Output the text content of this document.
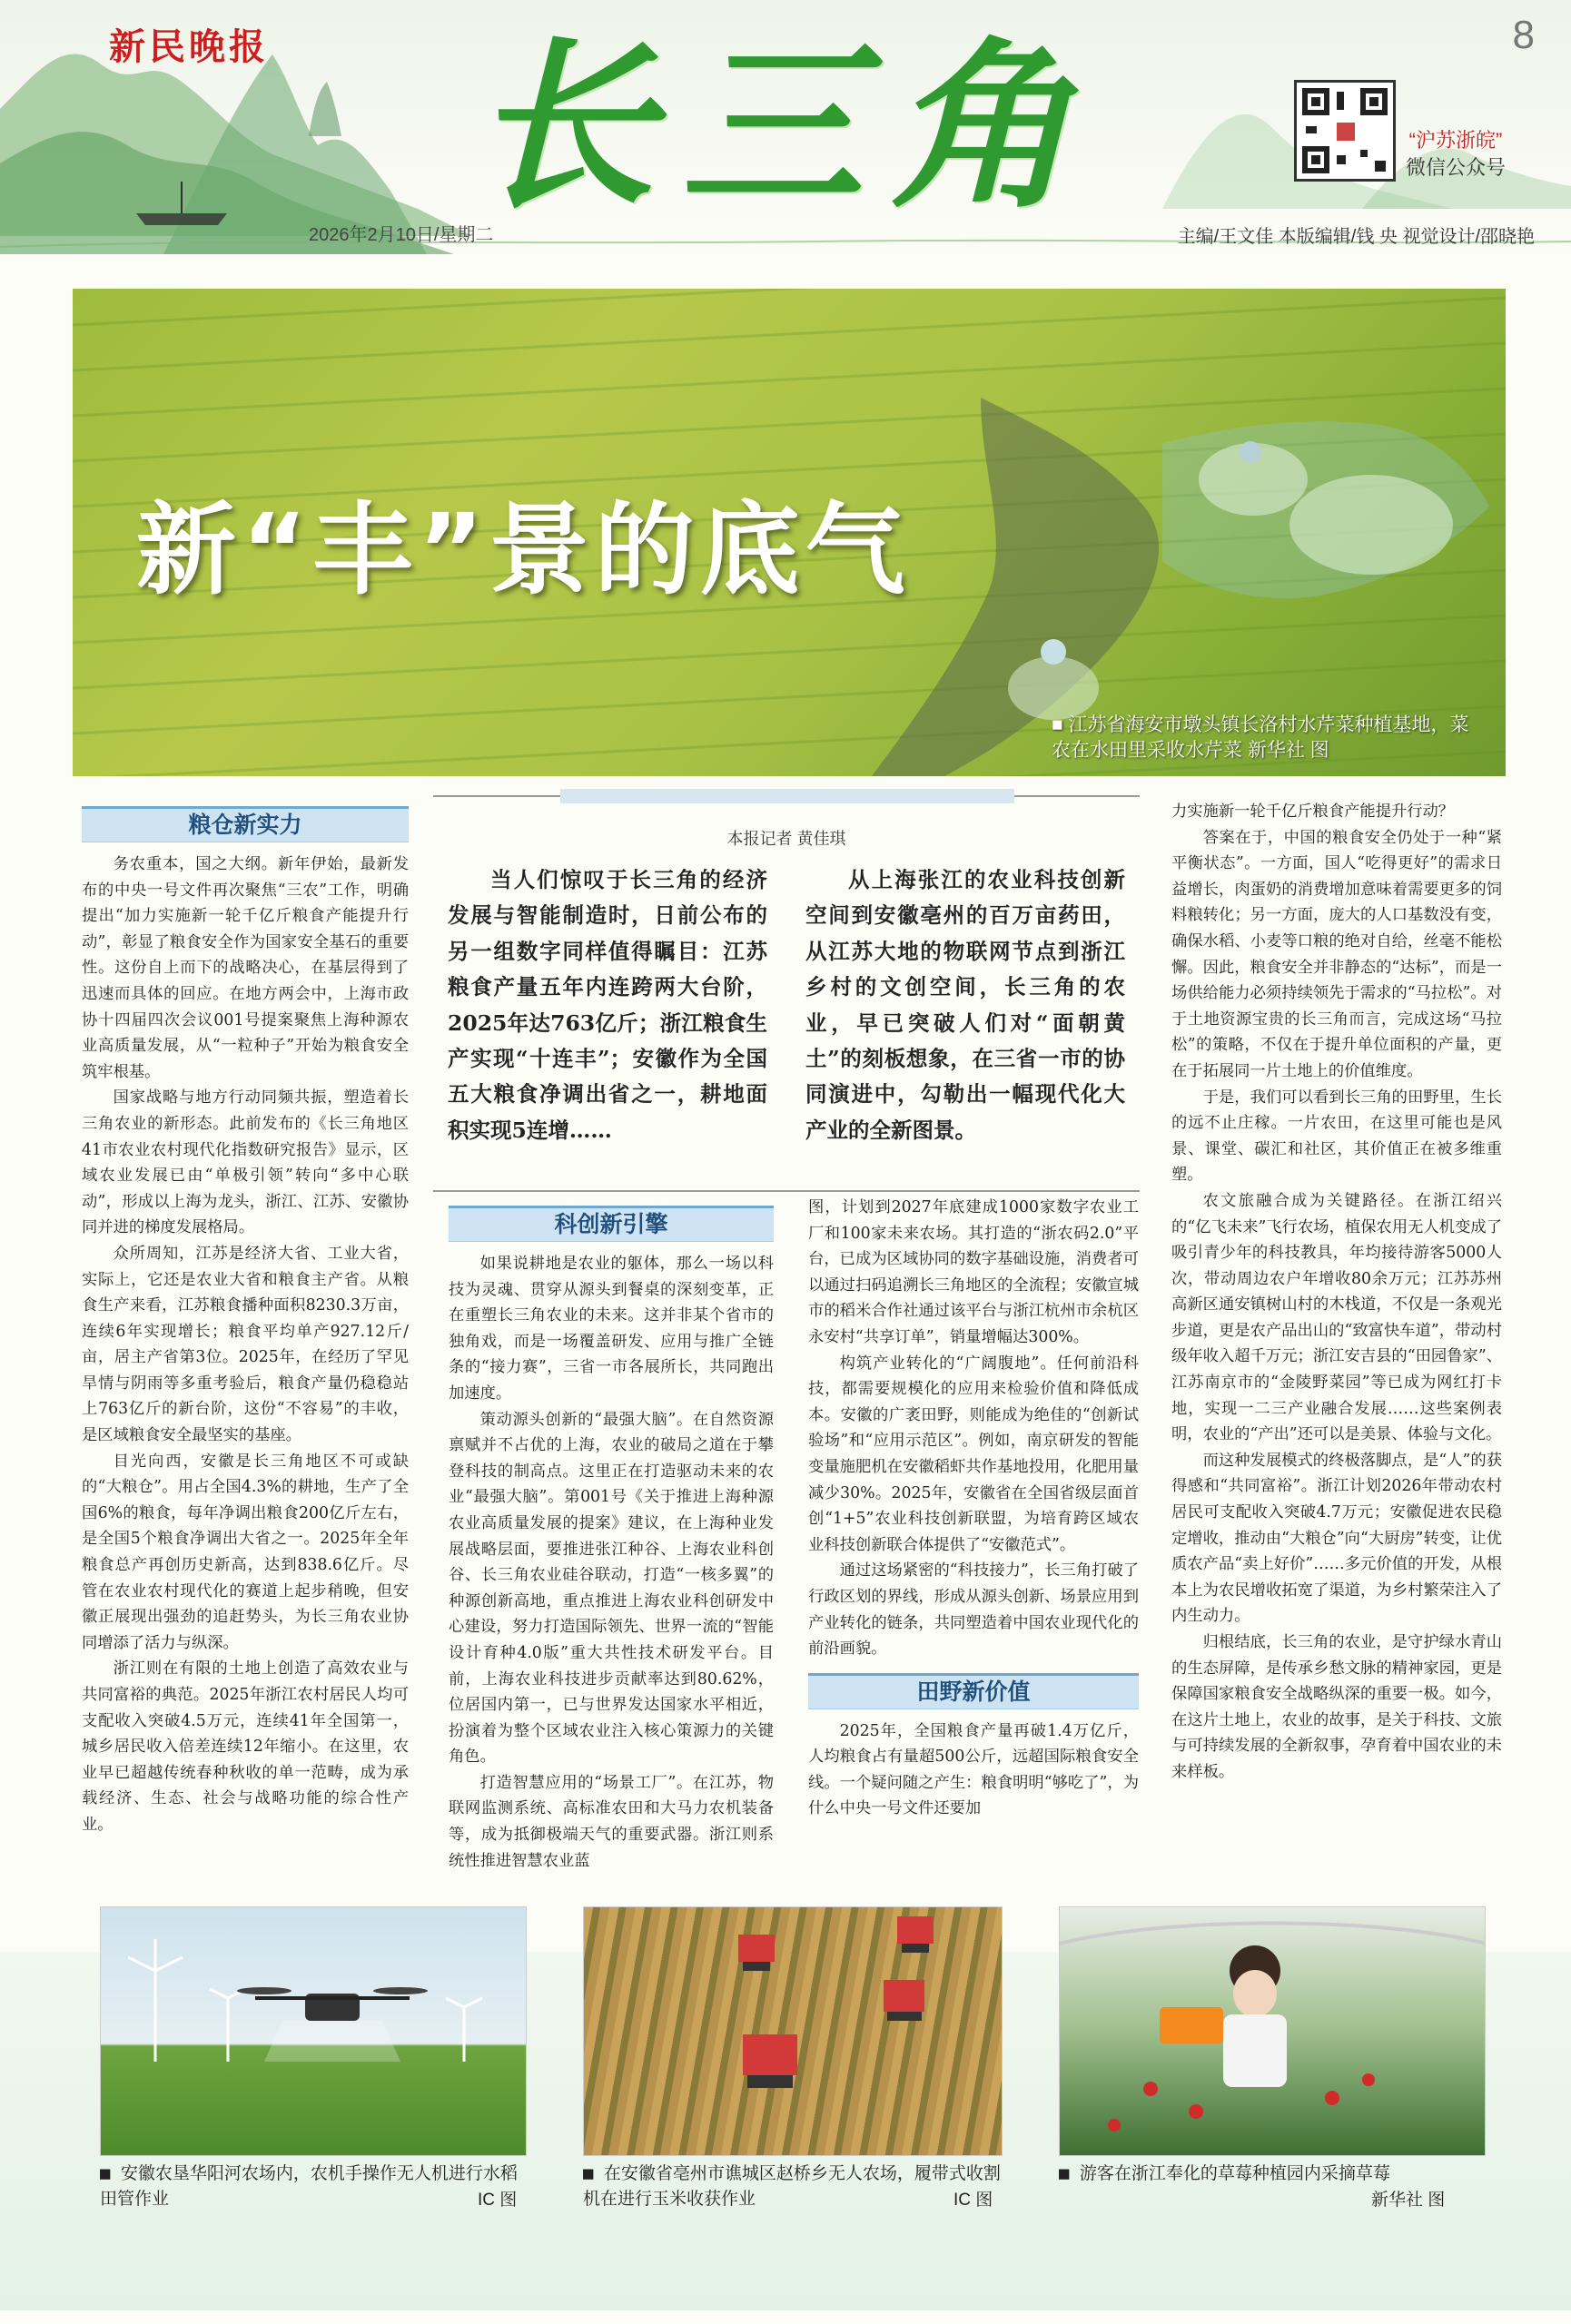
新民晚报 长三角	8
“沪苏浙皖”
微信公众号
2026年2月10日/星期二	主编/王文佳 本版编辑/钱 央 视觉设计/邵晓艳
新“丰”景的底气
■ 江苏省海安市墩头镇长洛村水芹菜种植基地，菜农在水田里采收水芹菜 新华社 图
粮仓新实力

务农重本，国之大纲。新年伊始，最新发布的中央一号文件再次聚焦“三农”工作，明确提出“加力实施新一轮千亿斤粮食产能提升行动”，彰显了粮食安全作为国家安全基石的重要性。这份自上而下的战略决心，在基层得到了迅速而具体的回应。在地方两会中，上海市政协十四届四次会议001号提案聚焦上海种源农业高质量发展，从“一粒种子”开始为粮食安全筑牢根基。

国家战略与地方行动同频共振，塑造着长三角农业的新形态。此前发布的《长三角地区41市农业农村现代化指数研究报告》显示，区域农业发展已由“单极引领”转向“多中心联动”，形成以上海为龙头，浙江、江苏、安徽协同并进的梯度发展格局。

众所周知，江苏是经济大省、工业大省，实际上，它还是农业大省和粮食主产省。从粮食生产来看，江苏粮食播种面积8230.3万亩，连续6年实现增长；粮食平均单产927.12斤/亩，居主产省第3位。2025年，在经历了罕见旱情与阴雨等多重考验后，粮食产量仍稳稳站上763亿斤的新台阶，这份“不容易”的丰收，是区域粮食安全最坚实的基座。

目光向西，安徽是长三角地区不可或缺的“大粮仓”。用占全国4.3%的耕地，生产了全国6%的粮食，每年净调出粮食200亿斤左右，是全国5个粮食净调出大省之一。2025年全年粮食总产再创历史新高，达到838.6亿斤。尽管在农业农村现代化的赛道上起步稍晚，但安徽正展现出强劲的追赶势头，为长三角农业协同增添了活力与纵深。

浙江则在有限的土地上创造了高效农业与共同富裕的典范。2025年浙江农村居民人均可支配收入突破4.5万元，连续41年全国第一，城乡居民收入倍差连续12年缩小。在这里，农业早已超越传统春种秋收的单一范畴，成为承载经济、生态、社会与战略功能的综合性产业。

本报记者 黄佳琪
当人们惊叹于长三角的经济发展与智能制造时，日前公布的另一组数字同样值得瞩目：江苏粮食产量五年内连跨两大台阶，2025年达763亿斤；浙江粮食生产实现“十连丰”；安徽作为全国五大粮食净调出省之一，耕地面积实现5连增……
从上海张江的农业科技创新空间到安徽亳州的百万亩药田，从江苏大地的物联网节点到浙江乡村的文创空间，长三角的农业，早已突破人们对“面朝黄土”的刻板想象，在三省一市的协同演进中，勾勒出一幅现代化大产业的全新图景。
科创新引擎

如果说耕地是农业的躯体，那么一场以科技为灵魂、贯穿从源头到餐桌的深刻变革，正在重塑长三角农业的未来。这并非某个省市的独角戏，而是一场覆盖研发、应用与推广全链条的“接力赛”，三省一市各展所长，共同跑出加速度。

策动源头创新的“最强大脑”。在自然资源禀赋并不占优的上海，农业的破局之道在于攀登科技的制高点。这里正在打造驱动未来的农业“最强大脑”。第001号《关于推进上海种源农业高质量发展的提案》建议，在上海种业发展战略层面，要推进张江种谷、上海农业科创谷、长三角农业硅谷联动，打造“一核多翼”的种源创新高地，重点推进上海农业科创研发中心建设，努力打造国际领先、世界一流的“智能设计育种4.0版”重大共性技术研发平台。目前，上海农业科技进步贡献率达到80.62%，位居国内第一，已与世界发达国家水平相近，扮演着为整个区域农业注入核心策源力的关键角色。

打造智慧应用的“场景工厂”。在江苏，物联网监测系统、高标准农田和大马力农机装备等，成为抵御极端天气的重要武器。浙江则系统性推进智慧农业蓝

图，计划到2027年底建成1000家数字农业工厂和100家未来农场。其打造的“浙农码2.0”平台，已成为区域协同的数字基础设施，消费者可以通过扫码追溯长三角地区的全流程；安徽宣城市的稻米合作社通过该平台与浙江杭州市余杭区永安村“共享订单”，销量增幅达300%。

构筑产业转化的“广阔腹地”。任何前沿科技，都需要规模化的应用来检验价值和降低成本。安徽的广袤田野，则能成为绝佳的“创新试验场”和“应用示范区”。例如，南京研发的智能变量施肥机在安徽稻虾共作基地投用，化肥用量减少30%。2025年，安徽省在全国省级层面首创“1+5”农业科技创新联盟，为培育跨区域农业科技创新联合体提供了“安徽范式”。

通过这场紧密的“科技接力”，长三角打破了行政区划的界线，形成从源头创新、场景应用到产业转化的链条，共同塑造着中国农业现代化的前沿画貌。

田野新价值

2025年，全国粮食产量再破1.4万亿斤，人均粮食占有量超500公斤，远超国际粮食安全线。一个疑问随之产生：粮食明明“够吃了”，为什么中央一号文件还要加

力实施新一轮千亿斤粮食产能提升行动？

答案在于，中国的粮食安全仍处于一种“紧平衡状态”。一方面，国人“吃得更好”的需求日益增长，肉蛋奶的消费增加意味着需要更多的饲料粮转化；另一方面，庞大的人口基数没有变，确保水稻、小麦等口粮的绝对自给，丝毫不能松懈。因此，粮食安全并非静态的“达标”，而是一场供给能力必须持续领先于需求的“马拉松”。对于土地资源宝贵的长三角而言，完成这场“马拉松”的策略，不仅在于提升单位面积的产量，更在于拓展同一片土地上的价值维度。

于是，我们可以看到长三角的田野里，生长的远不止庄稼。一片农田，在这里可能也是风景、课堂、碳汇和社区，其价值正在被多维重塑。

农文旅融合成为关键路径。在浙江绍兴的“亿飞未来”飞行农场，植保农用无人机变成了吸引青少年的科技教具，年均接待游客5000人次，带动周边农户年增收80余万元；江苏苏州高新区通安镇树山村的木栈道，不仅是一条观光步道，更是农产品出山的“致富快车道”，带动村级年收入超千万元；浙江安吉县的“田园鲁家”、江苏南京市的“金陵野菜园”等已成为网红打卡地，实现一二三产业融合发展……这些案例表明，农业的“产出”还可以是美景、体验与文化。

而这种发展模式的终极落脚点，是“人”的获得感和“共同富裕”。浙江计划2026年带动农村居民可支配收入突破4.7万元；安徽促进农民稳定增收，推动由“大粮仓”向“大厨房”转变，让优质农产品“卖上好价”……多元价值的开发，从根本上为农民增收拓宽了渠道，为乡村繁荣注入了内生动力。

归根结底，长三角的农业，是守护绿水青山的生态屏障，是传承乡愁文脉的精神家园，更是保障国家粮食安全战略纵深的重要一极。如今，在这片土地上，农业的故事，是关于科技、文旅与可持续发展的全新叙事，孕育着中国农业的未来样板。

■ 安徽农垦华阳河农场内，农机手操作无人机进行水稻田管作业	IC 图
■ 在安徽省亳州市谯城区赵桥乡无人农场，履带式收割机在进行玉米收获作业	IC 图
■ 游客在浙江奉化的草莓种植园内采摘草莓
新华社 图
